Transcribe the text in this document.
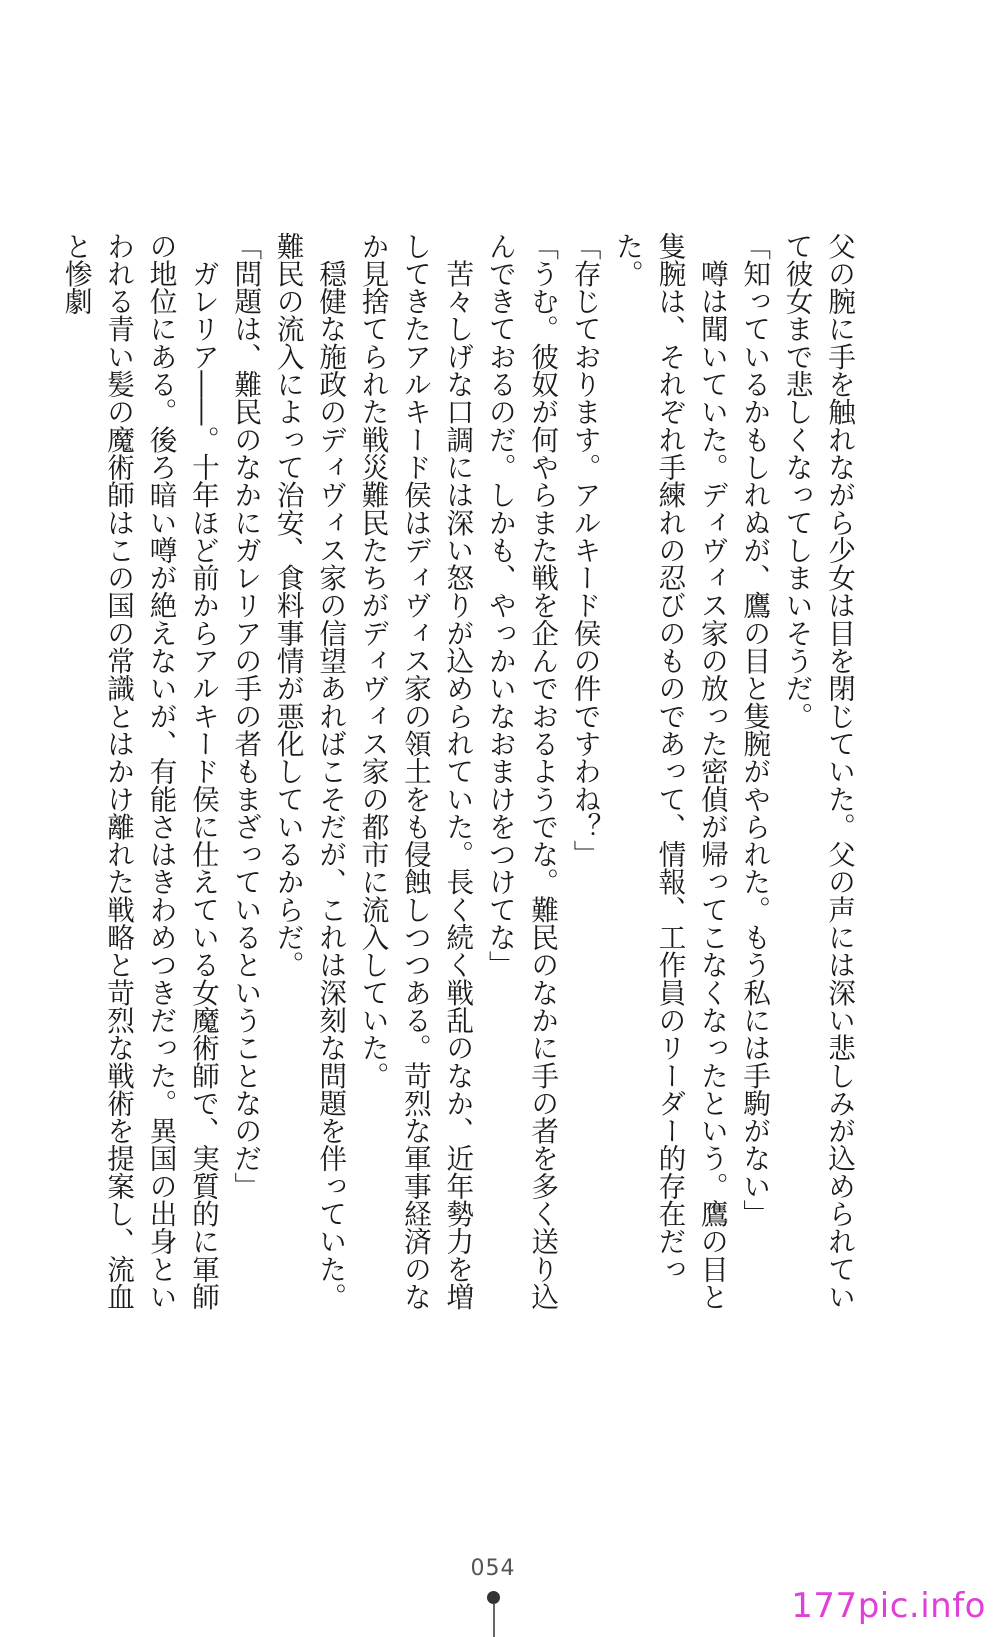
父の腕に手を触れながら少女は目を閉じていた。父の声には深い悲しみが込められていて彼女まで悲しくなってしまいそうだ。

「知っているかもしれぬが、鷹の目と隻腕がやられた。もう私には手駒がない」

　噂は聞いていた。ディヴィス家の放った密偵が帰ってこなくなったという。鷹の目と隻腕は、それぞれ手練れの忍びのものであって、情報、工作員のリーダー的存在だった。

「存じております。アルキード侯の件ですわね？」

「うむ。彼奴が何やらまた戦を企んでおるようでな。難民のなかに手の者を多く送り込んできておるのだ。しかも、やっかいなおまけをつけてな」

　苦々しげな口調には深い怒りが込められていた。長く続く戦乱のなか、近年勢力を増してきたアルキード侯はディヴィス家の領土をも侵蝕しつつある。苛烈な軍事経済のなか見捨てられた戦災難民たちがディヴィス家の都市に流入していた。

　穏健な施政のディヴィス家の信望あればこそだが、これは深刻な問題を伴っていた。難民の流入によって治安、食料事情が悪化しているからだ。

「問題は、難民のなかにガレリアの手の者もまざっているということなのだ」

　ガレリア――。十年ほど前からアルキード侯に仕えている女魔術師で、実質的に軍師の地位にある。後ろ暗い噂が絶えないが、有能さはきわめつきだった。異国の出身といわれる青い髪の魔術師はこの国の常識とはかけ離れた戦略と苛烈な戦術を提案し、流血と惨劇

054
177pic.info
